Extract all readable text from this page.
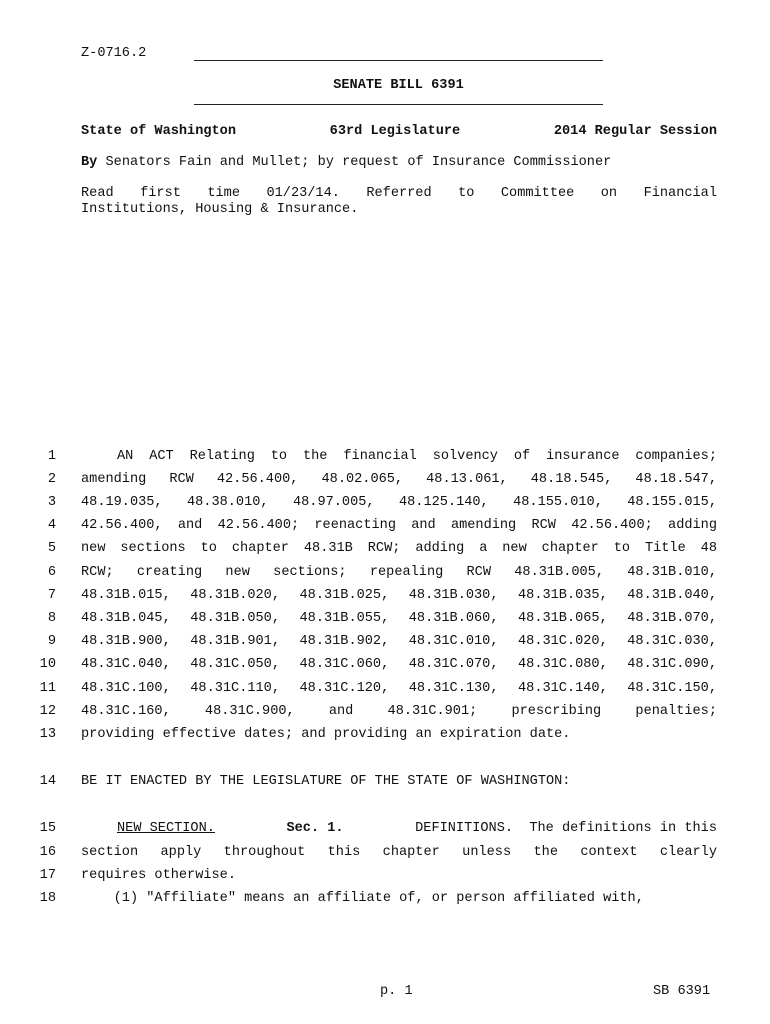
Z-0716.2
SENATE BILL 6391
State of Washington	63rd Legislature	2014 Regular Session
By Senators Fain and Mullet; by request of Insurance Commissioner
Read first time 01/23/14. Referred to Committee on Financial
Institutions, Housing & Insurance.
1	AN ACT Relating to the financial solvency of insurance companies;
2 amending RCW 42.56.400, 48.02.065, 48.13.061, 48.18.545, 48.18.547,
3 48.19.035, 48.38.010, 48.97.005, 48.125.140, 48.155.010, 48.155.015,
4 42.56.400, and 42.56.400; reenacting and amending RCW 42.56.400; adding
5 new sections to chapter 48.31B RCW; adding a new chapter to Title 48
6 RCW; creating new sections; repealing RCW 48.31B.005, 48.31B.010,
7 48.31B.015, 48.31B.020, 48.31B.025, 48.31B.030, 48.31B.035, 48.31B.040,
8 48.31B.045, 48.31B.050, 48.31B.055, 48.31B.060, 48.31B.065, 48.31B.070,
9 48.31B.900, 48.31B.901, 48.31B.902, 48.31C.010, 48.31C.020, 48.31C.030,
10 48.31C.040, 48.31C.050, 48.31C.060, 48.31C.070, 48.31C.080, 48.31C.090,
11 48.31C.100, 48.31C.110, 48.31C.120, 48.31C.130, 48.31C.140, 48.31C.150,
12 48.31C.160, 48.31C.900, and 48.31C.901; prescribing penalties;
13 providing effective dates; and providing an expiration date.
14 BE IT ENACTED BY THE LEGISLATURE OF THE STATE OF WASHINGTON:
15	NEW SECTION.	Sec. 1.	DEFINITIONS.  The definitions in this
16 section apply throughout this chapter unless the context clearly
17 requires otherwise.
18 (1) "Affiliate" means an affiliate of, or person affiliated with,
p. 1	SB 6391
